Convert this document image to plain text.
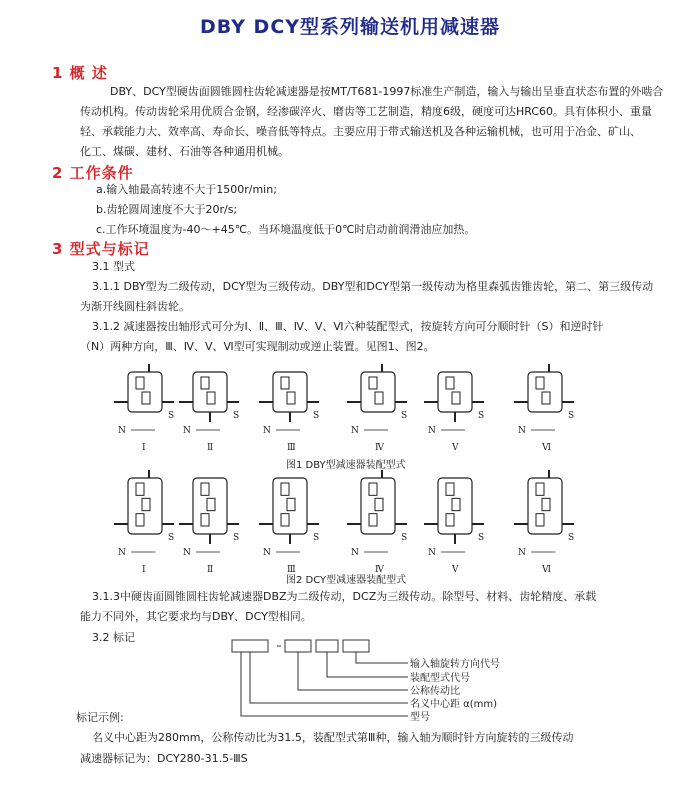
DBY DCY型系列输送机用减速器
1 概 述
DBY、DCY型硬齿面圆锥圆柱齿轮减速器是按MT/T681-1997标准生产制造，输入与输出呈垂直状态布置的外啮合
传动机构。传动齿轮采用优质合金钢，经渗碳淬火、磨齿等工艺制造，精度6级，硬度可达HRC60。具有体积小、重量
轻、承载能力大、效率高、寿命长、噪音低等特点。主要应用于带式输送机及各种运输机械，也可用于冶金、矿山、
化工、煤碳、建材、石油等各种通用机械。
2 工作条件
a.输入轴最高转速不大于1500r/min;
b.齿轮圆周速度不大于20r/s;
c.工作环境温度为-40～+45℃。当环境温度低于0℃时启动前润滑油应加热。
3 型式与标记
3.1 型式
3.1.1 DBY型为二级传动，DCY型为三级传动。DBY型和DCY型第一级传动为格里森弧齿锥齿轮，第二、第三级传动
为渐开线圆柱斜齿轮。
3.1.2 减速器按出轴形式可分为Ⅰ、Ⅱ、Ⅲ、Ⅳ、Ⅴ、Ⅵ六种装配型式，按旋转方向可分顺时针（S）和逆时针
（N）两种方向，Ⅲ、Ⅳ、Ⅴ、Ⅵ型可实现制动或逆止装置。见图1、图2。
N
S
Ⅰ
N
S
Ⅱ
N
S
Ⅲ
N
S
Ⅳ
N
S
Ⅴ
N
S
Ⅵ
N
S
Ⅰ
N
S
Ⅱ
N
S
Ⅲ
N
S
Ⅳ
N
S
Ⅴ
N
S
Ⅵ
图1 DBY型减速器装配型式
图2 DCY型减速器装配型式
3.1.3中硬齿面圆锥圆柱齿轮减速器DBZ为二级传动，DCZ为三级传动。除型号、材料、齿轮精度、承载
能力不同外，其它要求均与DBY、DCY型相同。
3.2 标记
输入轴旋转方向代号
装配型式代号
公称传动比
名义中心距 α(mm)
型号
标记示例:
名义中心距为280mm，公称传动比为31.5，装配型式第Ⅲ种，输入轴为顺时针方向旋转的三级传动
减速器标记为：DCY280-31.5-ⅢS
